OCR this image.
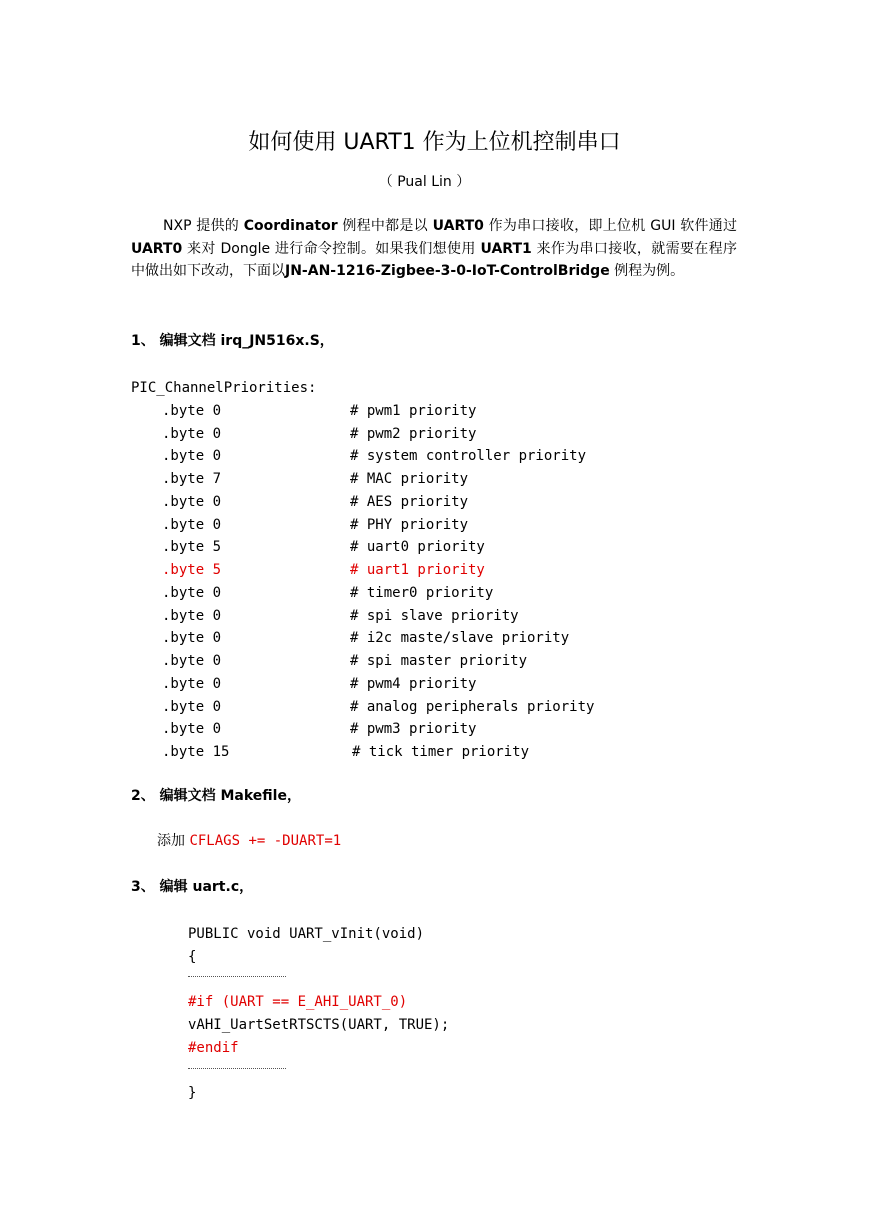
如何使用 UART1 作为上位机控制串口
（ Pual Lin ）

NXP 提供的 Coordinator 例程中都是以 UART0 作为串口接收，即上位机 GUI 软件通过 UART0 来对 Dongle 进行命令控制。如果我们想使用 UART1 来作为串口接收，就需要在程序中做出如下改动，下面以JN-AN-1216-Zigbee-3-0-IoT-ControlBridge 例程为例。

1、 编辑文档 irq_JN516x.S，
PIC_ChannelPriorities:
.byte 0	# pwm1 priority
.byte 0	# pwm2 priority
.byte 0	# system controller priority
.byte 7	# MAC priority
.byte 0	# AES priority
.byte 0	# PHY priority
.byte 5	# uart0 priority
.byte 5	# uart1 priority
.byte 0	# timer0 priority
.byte 0	# spi slave priority
.byte 0	# i2c maste/slave priority
.byte 0	# spi master priority
.byte 0	# pwm4 priority
.byte 0	# analog peripherals priority
.byte 0	# pwm3 priority
.byte 15	# tick timer priority
2、 编辑文档 Makefile，
添加 CFLAGS += -DUART=1
3、 编辑 uart.c，
PUBLIC void UART_vInit(void)
{
#if (UART == E_AHI_UART_0)
vAHI_UartSetRTSCTS(UART, TRUE);
#endif
}
